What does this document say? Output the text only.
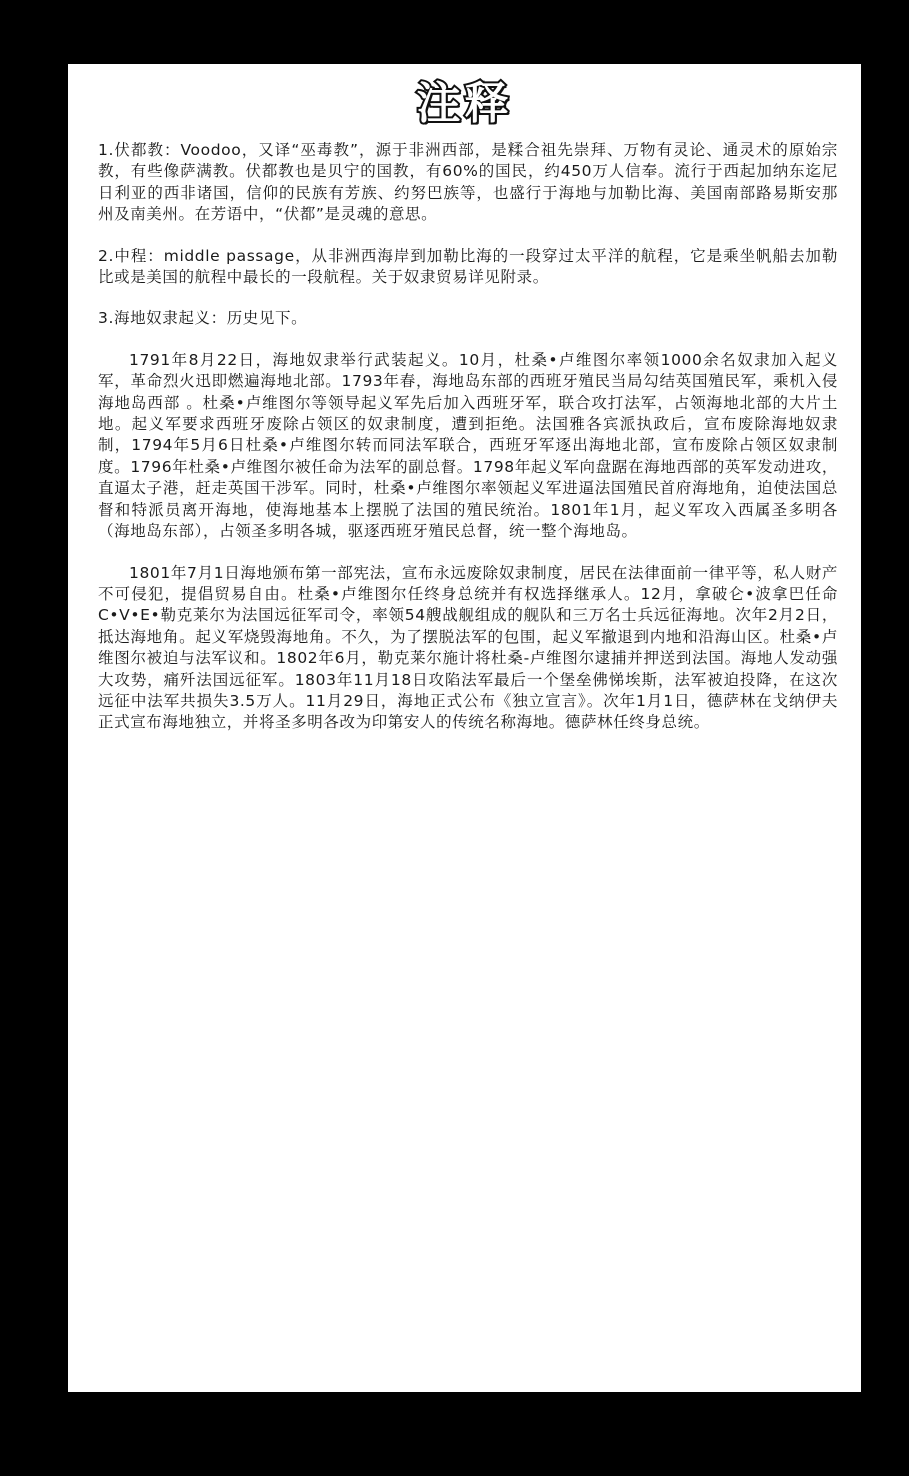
注释

1.伏都教：Voodoo，又译“巫毒教”，源于非洲西部，是糅合祖先崇拜、万物有灵论、通灵术的原始宗教，有些像萨满教。伏都教也是贝宁的国教，有60%的国民，约450万人信奉。流行于西起加纳东迄尼日利亚的西非诸国，信仰的民族有芳族、约努巴族等，也盛行于海地与加勒比海、美国南部路易斯安那州及南美州。在芳语中，“伏都”是灵魂的意思。

2.中程：middle passage，从非洲西海岸到加勒比海的一段穿过太平洋的航程，它是乘坐帆船去加勒比或是美国的航程中最长的一段航程。关于奴隶贸易详见附录。

3.海地奴隶起义：历史见下。

1791年8月22日，海地奴隶举行武装起义。10月，杜桑•卢维图尔率领1000余名奴隶加入起义军，革命烈火迅即燃遍海地北部。1793年春，海地岛东部的西班牙殖民当局勾结英国殖民军，乘机入侵海地岛西部 。杜桑•卢维图尔等领导起义军先后加入西班牙军，联合攻打法军，占领海地北部的大片土地。起义军要求西班牙废除占领区的奴隶制度，遭到拒绝。法国雅各宾派执政后，宣布废除海地奴隶制，1794年5月6日杜桑•卢维图尔转而同法军联合，西班牙军逐出海地北部，宣布废除占领区奴隶制度。1796年杜桑•卢维图尔被任命为法军的副总督。1798年起义军向盘踞在海地西部的英军发动进攻，直逼太子港，赶走英国干涉军。同时，杜桑•卢维图尔率领起义军进逼法国殖民首府海地角，迫使法国总督和特派员离开海地，使海地基本上摆脱了法国的殖民统治。1801年1月，起义军攻入西属圣多明各（海地岛东部），占领圣多明各城，驱逐西班牙殖民总督，统一整个海地岛。

1801年7月1日海地颁布第一部宪法，宣布永远废除奴隶制度，居民在法律面前一律平等，私人财产不可侵犯，提倡贸易自由。杜桑•卢维图尔任终身总统并有权选择继承人。12月，拿破仑•波拿巴任命C•V•E•勒克莱尔为法国远征军司令，率领54艘战舰组成的舰队和三万名士兵远征海地。次年2月2日，抵达海地角。起义军烧毁海地角。不久，为了摆脱法军的包围，起义军撤退到内地和沿海山区。杜桑•卢维图尔被迫与法军议和。1802年6月，勒克莱尔施计将杜桑-卢维图尔逮捕并押送到法国。海地人发动强大攻势，痛歼法国远征军。1803年11月18日攻陷法军最后一个堡垒佛悌埃斯，法军被迫投降，在这次远征中法军共损失3.5万人。11月29日，海地正式公布《独立宣言》。次年1月1日，德萨林在戈纳伊夫正式宣布海地独立，并将圣多明各改为印第安人的传统名称海地。德萨林任终身总统。
